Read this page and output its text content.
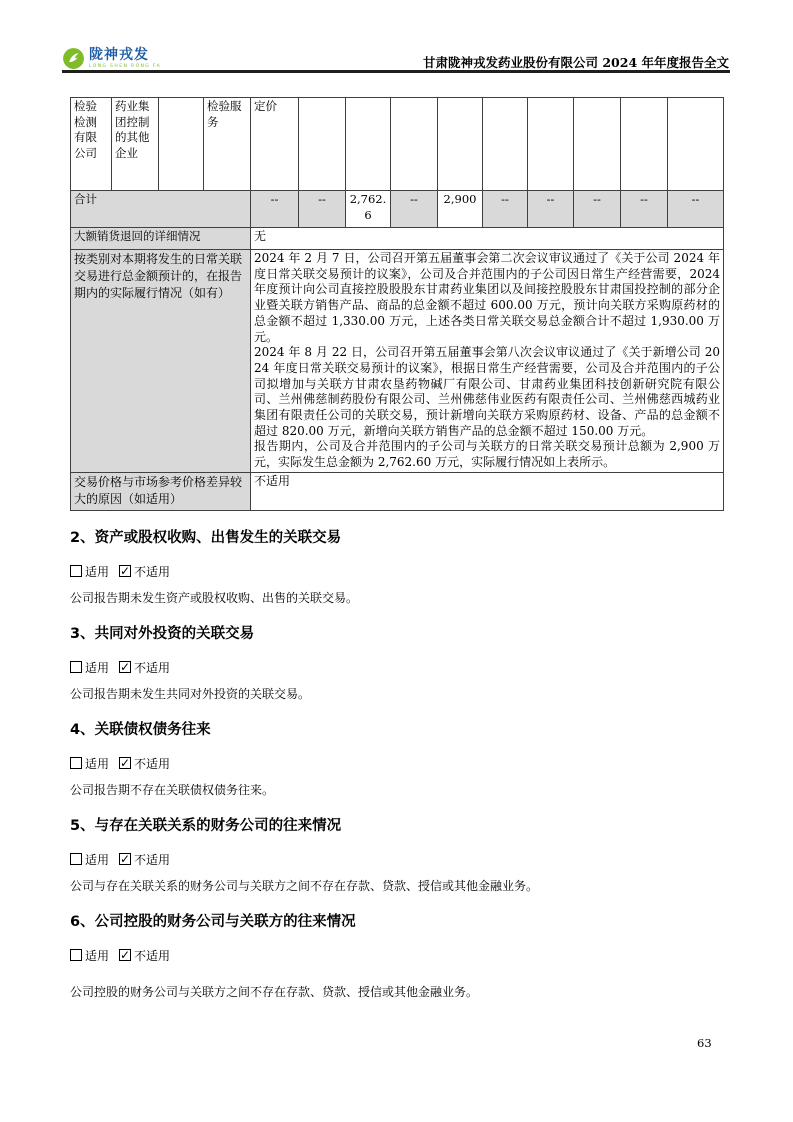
陇神戎发
LONG SHEN RONG FA	甘肃陇神戎发药业股份有限公司 2024 年年度报告全文
检验检测有限公司	药业集团控制的其他企业		检验服务	定价									
合计				--	--	2,762.6	--	2,900	--	--	--	--	--
大额销货退回的详细情况				无									
按类别对本期将发生的日常关联交易进行总金额预计的，在报告期内的实际履行情况（如有）				2024 年 2 月 7 日，公司召开第五届董事会第二次会议审议通过了《关于公司 2024 年度日常关联交易预计的议案》，公司及合并范围内的子公司因日常生产经营需要，2024 年度预计向公司直接控股股股东甘肃药业集团以及间接控股股东甘肃国投控制的部分企业暨关联方销售产品、商品的总金额不超过 600.00 万元，预计向关联方采购原药材的总金额不超过 1,330.00 万元，上述各类日常关联交易总金额合计不超过 1,930.00 万元。
2024 年 8 月 22 日，公司召开第五届董事会第八次会议审议通过了《关于新增公司 2024 年度日常关联交易预计的议案》，根据日常生产经营需要，公司及合并范围内的子公司拟增加与关联方甘肃农垦药物碱厂有限公司、甘肃药业集团科技创新研究院有限公司、兰州佛慈制药股份有限公司、兰州佛慈伟业医药有限责任公司、兰州佛慈西城药业集团有限责任公司的关联交易，预计新增向关联方采购原药材、设备、产品的总金额不超过 820.00 万元，新增向关联方销售产品的总金额不超过 150.00 万元。
报告期内，公司及合并范围内的子公司与关联方的日常关联交易预计总额为 2,900 万元，实际发生总金额为 2,762.60 万元，实际履行情况如上表所示。									

交易价格与市场参考价格差异较大的原因（如适用）				不适用									
2、资产或股权收购、出售发生的关联交易
适用 ✓ 不适用
公司报告期未发生资产或股权收购、出售的关联交易。
3、共同对外投资的关联交易
适用 ✓ 不适用
公司报告期未发生共同对外投资的关联交易。
4、关联债权债务往来
适用 ✓ 不适用
公司报告期不存在关联债权债务往来。
5、与存在关联关系的财务公司的往来情况
适用 ✓ 不适用
公司与存在关联关系的财务公司与关联方之间不存在存款、贷款、授信或其他金融业务。
6、公司控股的财务公司与关联方的往来情况
适用 ✓ 不适用
公司控股的财务公司与关联方之间不存在存款、贷款、授信或其他金融业务。
63
